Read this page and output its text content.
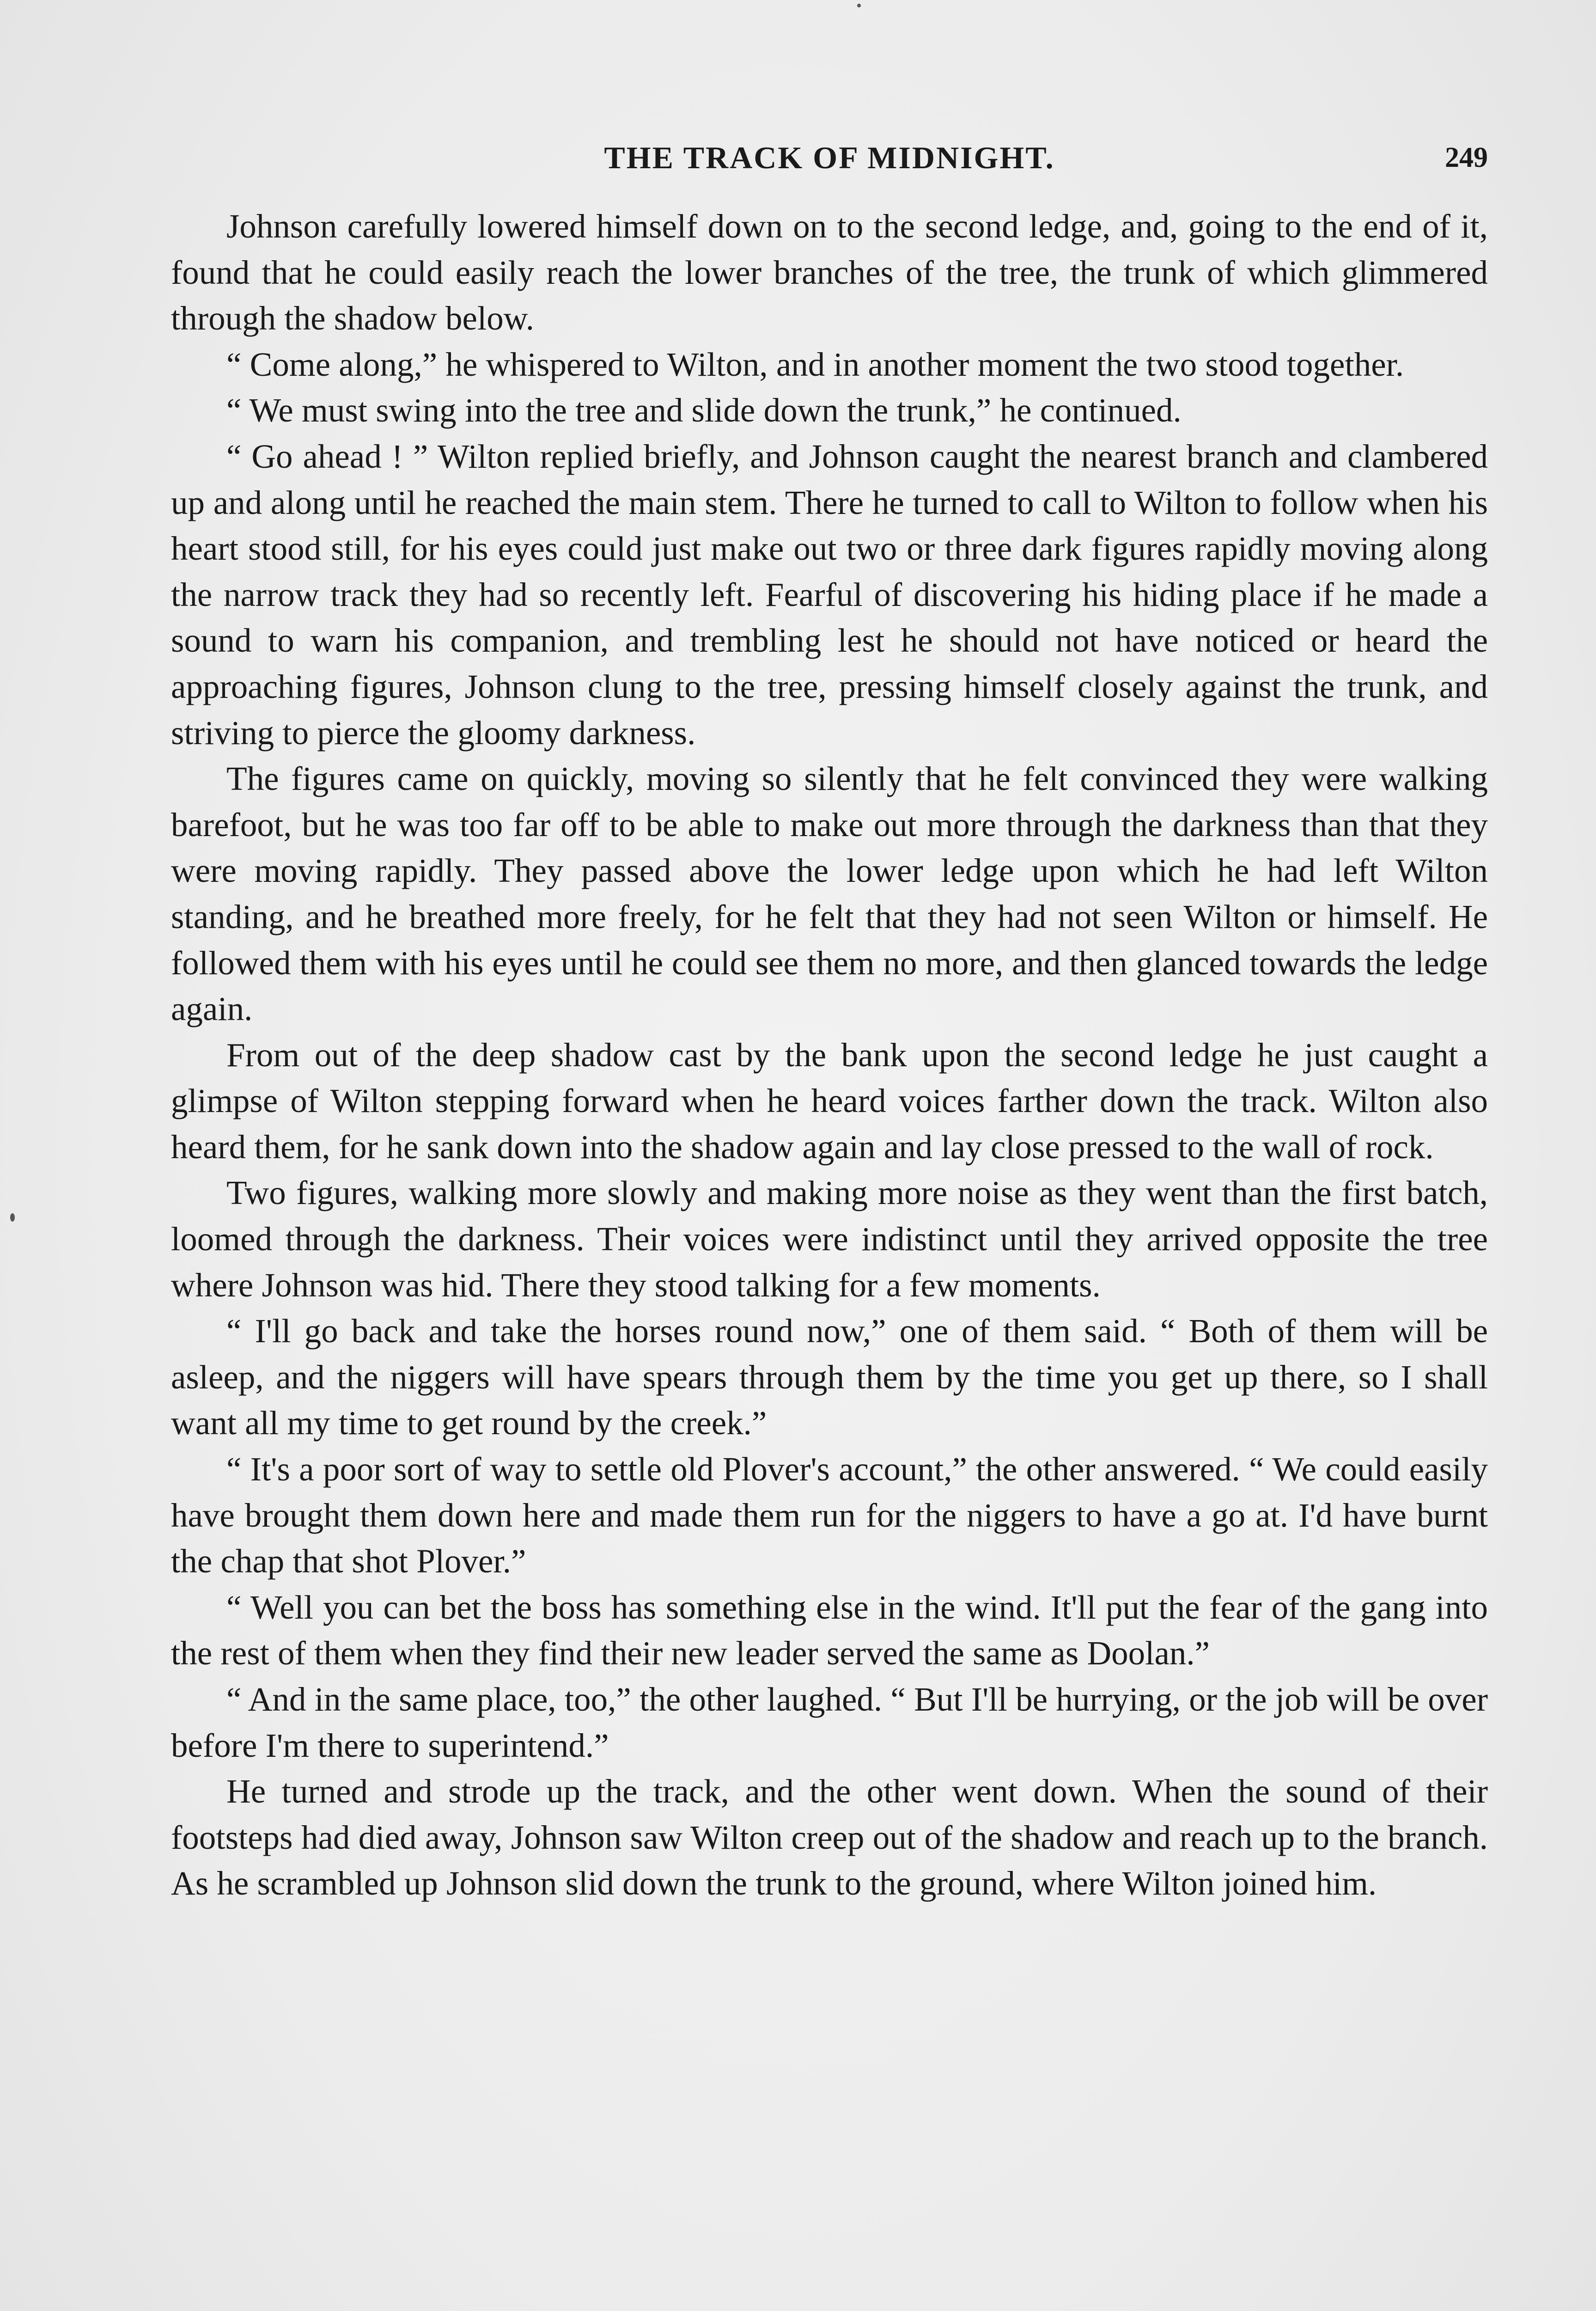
THE TRACK OF MIDNIGHT.	249

Johnson carefully lowered himself down on to the second ledge, and, going to the end of it, found that he could easily reach the lower branches of the tree, the trunk of which glimmered through the shadow below.

“ Come along,” he whispered to Wilton, and in another moment the two stood together.

“ We must swing into the tree and slide down the trunk,” he continued.

“ Go ahead ! ” Wilton replied briefly, and Johnson caught the nearest branch and clambered up and along until he reached the main stem. There he turned to call to Wilton to follow when his heart stood still, for his eyes could just make out two or three dark figures rapidly moving along the narrow track they had so recently left. Fearful of discovering his hiding place if he made a sound to warn his companion, and trembling lest he should not have noticed or heard the approaching figures, Johnson clung to the tree, pressing himself closely against the trunk, and striving to pierce the gloomy darkness.

The figures came on quickly, moving so silently that he felt convinced they were walking barefoot, but he was too far off to be able to make out more through the darkness than that they were moving rapidly. They passed above the lower ledge upon which he had left Wilton standing, and he breathed more freely, for he felt that they had not seen Wilton or himself. He followed them with his eyes until he could see them no more, and then glanced towards the ledge again.

From out of the deep shadow cast by the bank upon the second ledge he just caught a glimpse of Wilton stepping forward when he heard voices farther down the track. Wilton also heard them, for he sank down into the shadow again and lay close pressed to the wall of rock.

Two figures, walking more slowly and making more noise as they went than the first batch, loomed through the darkness. Their voices were indistinct until they arrived opposite the tree where Johnson was hid. There they stood talking for a few moments.

“ I'll go back and take the horses round now,” one of them said. “ Both of them will be asleep, and the niggers will have spears through them by the time you get up there, so I shall want all my time to get round by the creek.”

“ It's a poor sort of way to settle old Plover's account,” the other answered. “ We could easily have brought them down here and made them run for the niggers to have a go at. I'd have burnt the chap that shot Plover.”

“ Well you can bet the boss has something else in the wind. It'll put the fear of the gang into the rest of them when they find their new leader served the same as Doolan.”

“ And in the same place, too,” the other laughed. “ But I'll be hurrying, or the job will be over before I'm there to superintend.”

He turned and strode up the track, and the other went down. When the sound of their footsteps had died away, Johnson saw Wilton creep out of the shadow and reach up to the branch. As he scrambled up Johnson slid down the trunk to the ground, where Wilton joined him.
